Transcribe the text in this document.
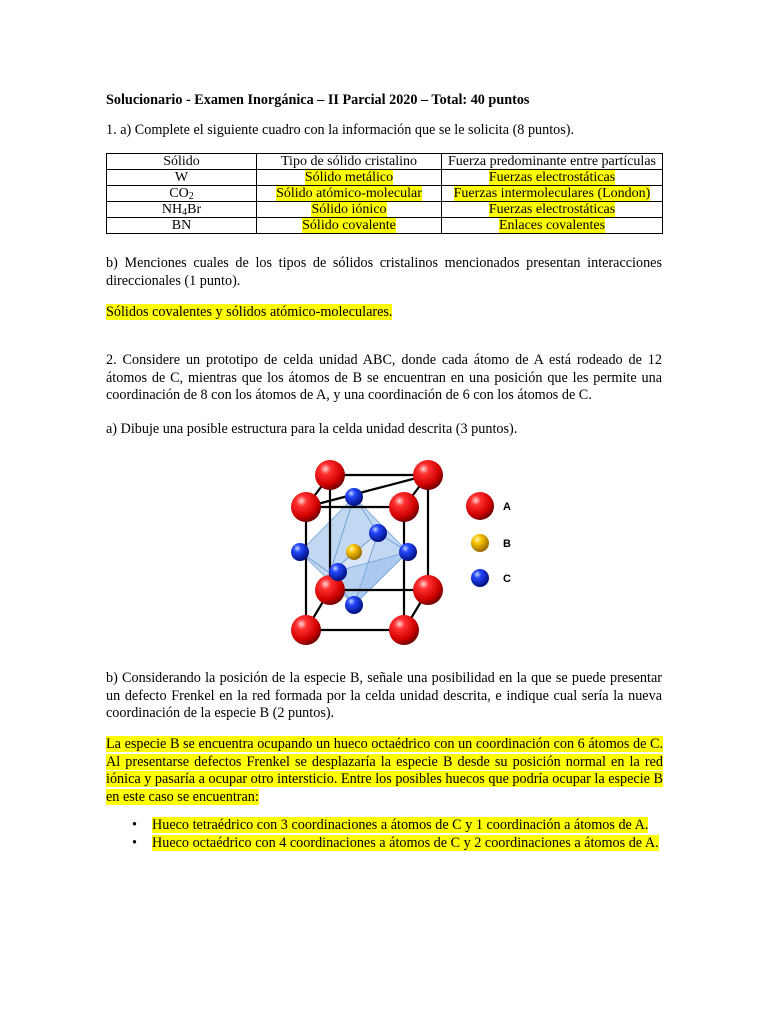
Solucionario - Examen Inorgánica – II Parcial 2020 – Total: 40 puntos
1. a) Complete el siguiente cuadro con la información que se le solicita (8 puntos).
Sólido	Tipo de sólido cristalino	Fuerza predominante entre partículas
W	Sólido metálico	Fuerzas electrostáticas
$CO_2$	Sólido atómico-molecular	Fuerzas intermoleculares (London)
$NH_4Br$	Sólido iónico	Fuerzas electrostáticas
BN	Sólido covalente	Enlaces covalentes
b) Menciones cuales de los tipos de sólidos cristalinos mencionados presentan interacciones direccionales (1 punto).
Sólidos covalentes y sólidos atómico-moleculares.
2. Considere un prototipo de celda unidad ABC, donde cada átomo de A está rodeado de 12 átomos de C, mientras que los átomos de B se encuentran en una posición que les permite una coordinación de 8 con los átomos de A, y una coordinación de 6 con los átomos de C.
a) Dibuje una posible estructura para la celda unidad descrita (3 puntos).
A
B
C
b) Considerando la posición de la especie B, señale una posibilidad en la que se puede presentar un defecto Frenkel en la red formada por la celda unidad descrita, e indique cual sería la nueva coordinación de la especie B (2 puntos).
La especie B se encuentra ocupando un hueco octaédrico con un coordinación con 6 átomos de C. Al presentarse defectos Frenkel se desplazaría la especie B desde su posición normal en la red iónica y pasaría a ocupar otro intersticio. Entre los posibles huecos que podría ocupar la especie B en este caso se encuentran:
• Hueco tetraédrico con 3 coordinaciones a átomos de C y 1 coordinación a átomos de A.
• Hueco octaédrico con 4 coordinaciones a átomos de C y 2 coordinaciones a átomos de A.
